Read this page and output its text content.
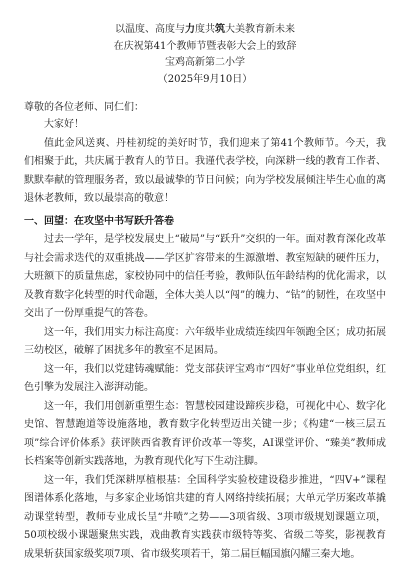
以温度、高度与力度共筑大美教育新未来
在庆祝第41个教师节暨表彰大会上的致辞
宝鸡高新第二小学
（2025年9月10日）
尊敬的各位老师、同仁们：

大家好！

值此金风送爽、丹桂初绽的美好时节，我们迎来了第41个教师节。今天，我们相聚于此，共庆属于教育人的节日。我谨代表学校，向深耕一线的教育工作者、默默奉献的管理服务者，致以最诚挚的节日问候；向为学校发展倾注毕生心血的离退休老教师，致以最崇高的敬意！

一、回望：在攻坚中书写跃升答卷

过去一学年，是学校发展史上“破局”与“跃升”交织的一年。面对教育深化改革与社会需求迭代的双重挑战——学区扩容带来的生源激增、教室短缺的硬件压力，大班额下的质量焦虑，家校协同中的信任考验，教师队伍年龄结构的优化需求，以及教育数字化转型的时代命题，全体大美人以“闯”的魄力、“钻”的韧性，在攻坚中交出了一份厚重提气的答卷。

这一年，我们用实力标注高度：六年级毕业成绩连续四年领跑全区；成功拓展三幼校区，破解了困扰多年的教室不足困局。

这一年，我们以党建铸魂赋能：党支部获评宝鸡市“四好”事业单位党组织，红色引擎为发展注入澎湃动能。

这一年，我们用创新重塑生态：智慧校园建设蹄疾步稳，可视化中心、数字化史馆、智慧跑道等设施落地，教育数字化转型迈出关键一步；《构建“一核三层五项”综合评价体系》获评陕西省教育评价改革一等奖，AI课堂评价、“臻美”教师成长档案等创新实践落地，为教育现代化写下生动注脚。

这一年，我们凭深耕厚植根基：全国科学实验校建设稳步推进，“四V+”课程图谱体系化落地，与多家企业场馆共建的育人网络持续拓展；大单元学历案改革撬动课堂转型，教师专业成长呈“井喷”之势——3项省级、3项市级规划课题立项，50项校级小课题聚焦实践，戏曲教育实践获市级特等奖、省级二等奖，影视教育成果斩获国家级奖项7项、省市级奖项若干，第二届巨幅国旗闪耀三秦大地。
